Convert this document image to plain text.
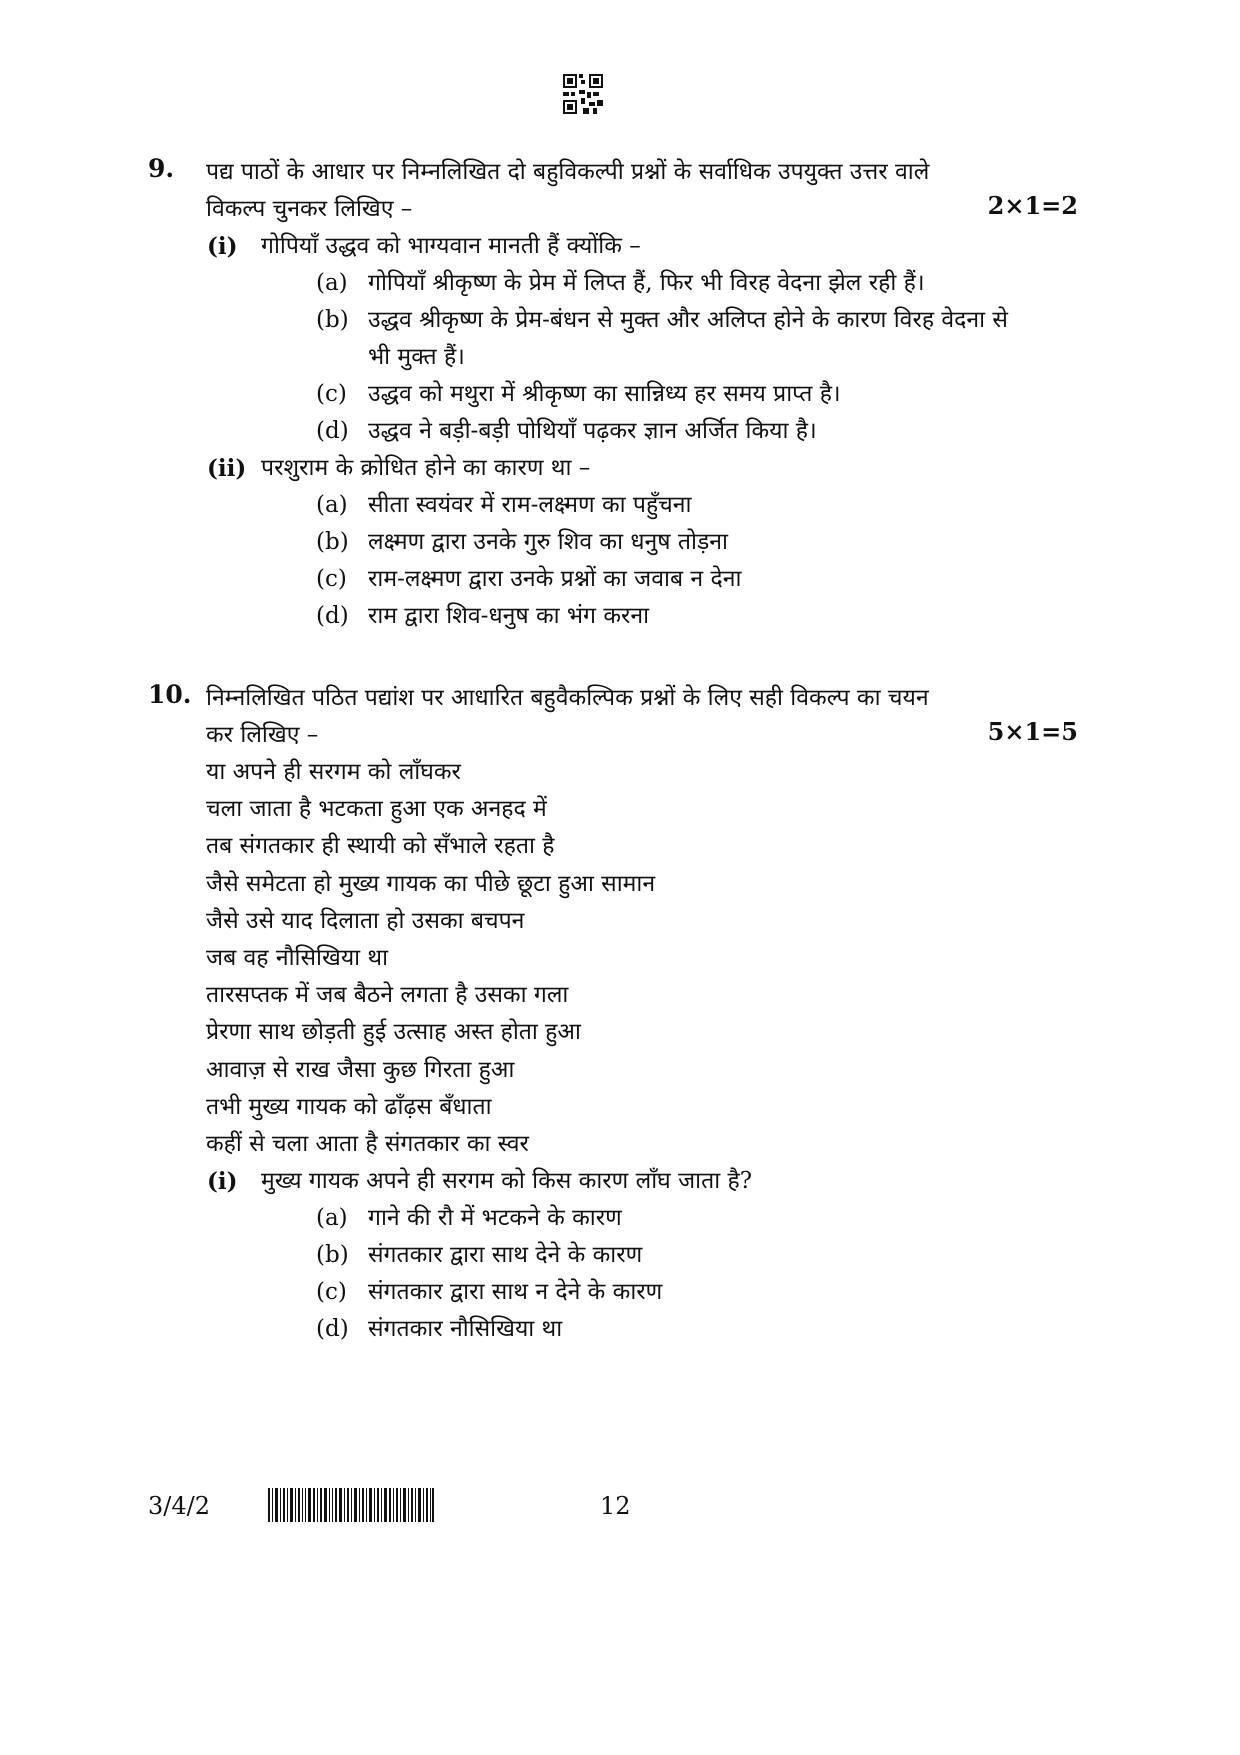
9. पद्य पाठों के आधार पर निम्नलिखित दो बहुविकल्पी प्रश्नों के सर्वाधिक उपयुक्त उत्तर वाले
विकल्प चुनकर लिखिए –
(i) गोपियाँ उद्धव को भाग्यवान मानती हैं क्योंकि –
(a) गोपियाँ श्रीकृष्ण के प्रेम में लिप्त हैं, फिर भी विरह वेदना झेल रही हैं।
(b) उद्धव श्रीकृष्ण के प्रेम-बंधन से मुक्त और अलिप्त होने के कारण विरह वेदना से भी मुक्त हैं।
(c) उद्धव को मथुरा में श्रीकृष्ण का सान्निध्य हर समय प्राप्त है।
(d) उद्धव ने बड़ी-बड़ी पोथियाँ पढ़कर ज्ञान अर्जित किया है।
(ii) परशुराम के क्रोधित होने का कारण था –
(a) सीता स्वयंवर में राम-लक्ष्मण का पहुँचना
(b) लक्ष्मण द्वारा उनके गुरु शिव का धनुष तोड़ना
(c) राम-लक्ष्मण द्वारा उनके प्रश्नों का जवाब न देना
(d) राम द्वारा शिव-धनुष का भंग करना
2×1=2
10. निम्नलिखित पठित पद्यांश पर आधारित बहुवैकल्पिक प्रश्नों के लिए सही विकल्प का चयन
कर लिखिए –
या अपने ही सरगम को लाँघकर
चला जाता है भटकता हुआ एक अनहद में
तब संगतकार ही स्थायी को सँभाले रहता है
जैसे समेटता हो मुख्य गायक का पीछे छूटा हुआ सामान
जैसे उसे याद दिलाता हो उसका बचपन
जब वह नौसिखिया था
तारसप्तक में जब बैठने लगता है उसका गला
प्रेरणा साथ छोड़ती हुई उत्साह अस्त होता हुआ
आवाज़ से राख जैसा कुछ गिरता हुआ
तभी मुख्य गायक को ढाँढ़स बँधाता
कहीं से चला आता है संगतकार का स्वर
(i) मुख्य गायक अपने ही सरगम को किस कारण लाँघ जाता है?
(a) गाने की रौ में भटकने के कारण
(b) संगतकार द्वारा साथ देने के कारण
(c) संगतकार द्वारा साथ न देने के कारण
(d) संगतकार नौसिखिया था
5×1=5
3/4/2	12
